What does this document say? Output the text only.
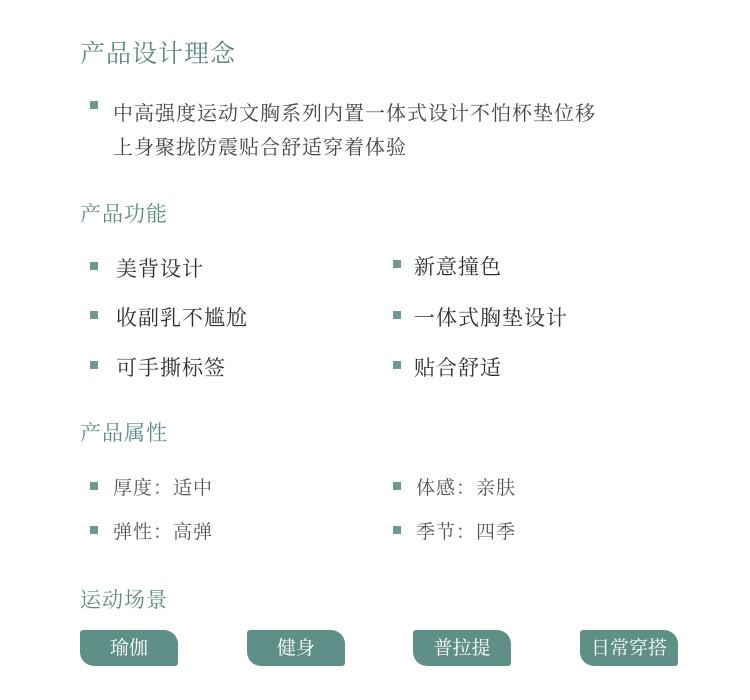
产品设计理念
中高强度运动文胸系列内置一体式设计不怕杯垫位移
上身聚拢防震贴合舒适穿着体验
产品功能
美背设计
收副乳不尴尬
可手撕标签
新意撞色
一体式胸垫设计
贴合舒适
产品属性
厚度：适中
弹性：高弹
体感：亲肤
季节：四季
运动场景
瑜伽	健身	普拉提	日常穿搭
